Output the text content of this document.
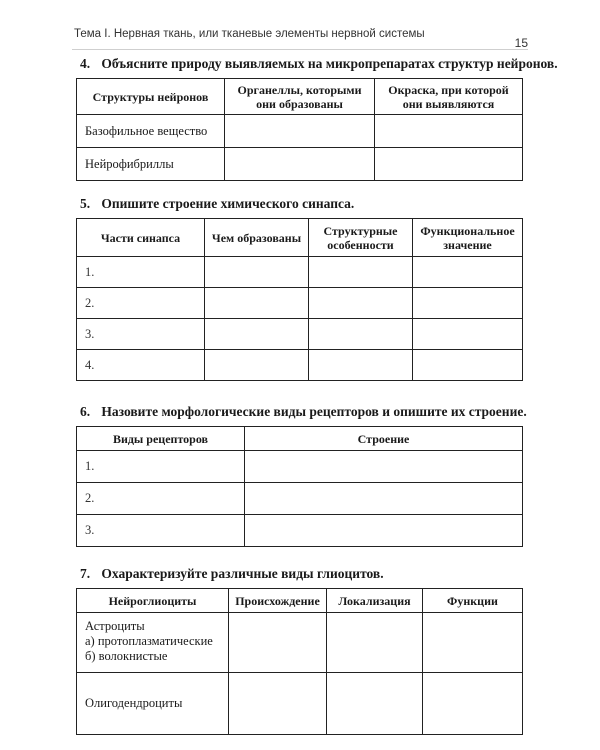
Тема I. Нервная ткань, или тканевые элементы нервной системы
15
4. Объясните природу выявляемых на микропрепаратах структур нейронов.
Структуры нейронов	Органеллы, которыми они образованы	Окраска, при которой они выявляются
Базофильное вещество		
Нейрофибриллы		
5. Опишите строение химического синапса.
Части синапса	Чем образованы	Структурные особенности	Функциональное значение
1.			
2.			
3.			
4.			
6. Назовите морфологические виды рецепторов и опишите их строение.
Виды рецепторов	Строение
1.	
2.	
3.	
7. Охарактеризуйте различные виды глиоцитов.
Нейроглиоциты	Происхождение	Локализация	Функции

Астроциты
а) протоплазматические
б) волокнистые			

Олигодендроциты			
